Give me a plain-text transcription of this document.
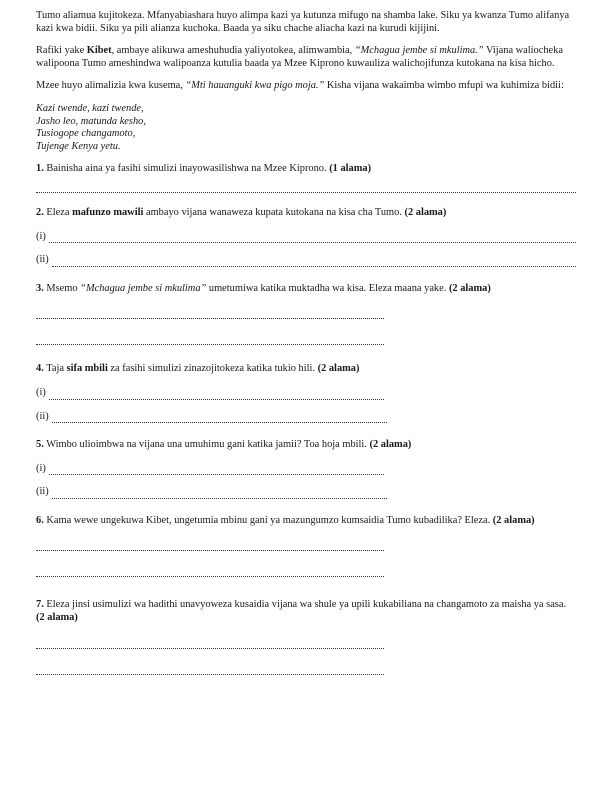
Tumo aliamua kujitokeza. Mfanyabiashara huyo alimpa kazi ya kutunza mifugo na shamba lake. Siku ya kwanza Tumo alifanya kazi kwa bidii. Siku ya pili alianza kuchoka. Baada ya siku chache aliacha kazi na kurudi kijijini.

Rafiki yake Kibet, ambaye alikuwa ameshuhudia yaliyotokea, alimwambia, “Mchagua jembe si mkulima.” Vijana waliocheka walipoona Tumo ameshindwa walipoanza kutulia baada ya Mzee Kiprono kuwauliza walichojifunza kutokana na kisa hicho.

Mzee huyo alimalizia kwa kusema, “Mti hauanguki kwa pigo moja.” Kisha vijana wakaimba wimbo mfupi wa kuhimiza bidii:

Kazi twende, kazi twende,
Jasho leo, matunda kesho,
Tusiogope changamoto,
Tujenge Kenya yetu.

1. Bainisha aina ya fasihi simulizi inayowasilishwa na Mzee Kiprono. (1 alama)

2. Eleza mafunzo mawili ambayo vijana wanaweza kupata kutokana na kisa cha Tumo. (2 alama)

(i)
(ii)

3. Msemo “Mchagua jembe si mkulima” umetumiwa katika muktadha wa kisa. Eleza maana yake. (2 alama)

4. Taja sifa mbili za fasihi simulizi zinazojitokeza katika tukio hili. (2 alama)

(i)
(ii)

5. Wimbo ulioimbwa na vijana una umuhimu gani katika jamii? Toa hoja mbili. (2 alama)

(i)
(ii)

6. Kama wewe ungekuwa Kibet, ungetumia mbinu gani ya mazungumzo kumsaidia Tumo kubadilika? Eleza. (2 alama)

7. Eleza jinsi usimulizi wa hadithi unavyoweza kusaidia vijana wa shule ya upili kukabiliana na changamoto za maisha ya sasa. (2 alama)
